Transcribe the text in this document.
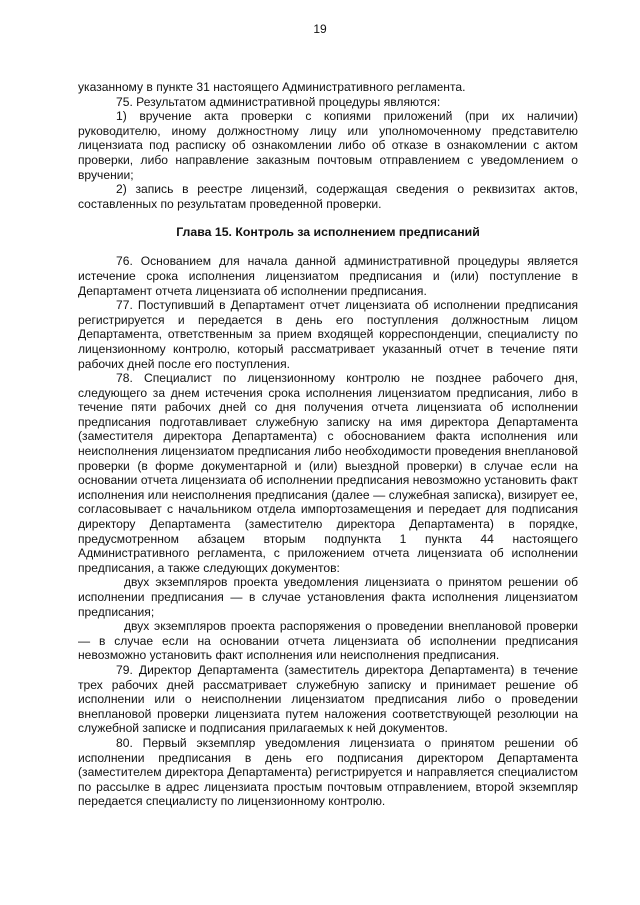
19

указанному в пункте 31 настоящего Административного регламента.

75. Результатом административной процедуры являются:

1) вручение акта проверки с копиями приложений (при их наличии) руководителю, иному должностному лицу или уполномоченному представителю лицензиата под расписку об ознакомлении либо об отказе в ознакомлении с актом проверки, либо направление заказным почтовым отправлением с уведомлением о вручении;

2) запись в реестре лицензий, содержащая сведения о реквизитах актов, составленных по результатам проведенной проверки.

Глава 15. Контроль за исполнением предписаний

76. Основанием для начала данной административной процедуры является истечение срока исполнения лицензиатом предписания и (или) поступление в Департамент отчета лицензиата об исполнении предписания.

77. Поступивший в Департамент отчет лицензиата об исполнении предписания регистрируется и передается в день его поступления должностным лицом Департамента, ответственным за прием входящей корреспонденции, специалисту по лицензионному контролю, который рассматривает указанный отчет в течение пяти рабочих дней после его поступления.

78. Специалист по лицензионному контролю не позднее рабочего дня, следующего за днем истечения срока исполнения лицензиатом предписания, либо в течение пяти рабочих дней со дня получения отчета лицензиата об исполнении предписания подготавливает служебную записку на имя директора Департамента (заместителя директора Департамента) с обоснованием факта исполнения или неисполнения лицензиатом предписания либо необходимости проведения внеплановой проверки (в форме документарной и (или) выездной проверки) в случае если на основании отчета лицензиата об исполнении предписания невозможно установить факт исполнения или неисполнения предписания (далее — служебная записка), визирует ее, согласовывает с начальником отдела импортозамещения и передает для подписания директору Департамента (заместителю директора Департамента) в порядке, предусмотренном абзацем вторым подпункта 1 пункта 44 настоящего Административного регламента, с приложением отчета лицензиата об исполнении предписания, а также следующих документов:

двух экземпляров проекта уведомления лицензиата о принятом решении об исполнении предписания — в случае установления факта исполнения лицензиатом предписания;

двух экземпляров проекта распоряжения о проведении внеплановой проверки — в случае если на основании отчета лицензиата об исполнении предписания невозможно установить факт исполнения или неисполнения предписания.

79. Директор Департамента (заместитель директора Департамента) в течение трех рабочих дней рассматривает служебную записку и принимает решение об исполнении или о неисполнении лицензиатом предписания либо о проведении внеплановой проверки лицензиата путем наложения соответствующей резолюции на служебной записке и подписания прилагаемых к ней документов.

80. Первый экземпляр уведомления лицензиата о принятом решении об исполнении предписания в день его подписания директором Департамента (заместителем директора Департамента) регистрируется и направляется специалистом по рассылке в адрес лицензиата простым почтовым отправлением, второй экземпляр передается специалисту по лицензионному контролю.
